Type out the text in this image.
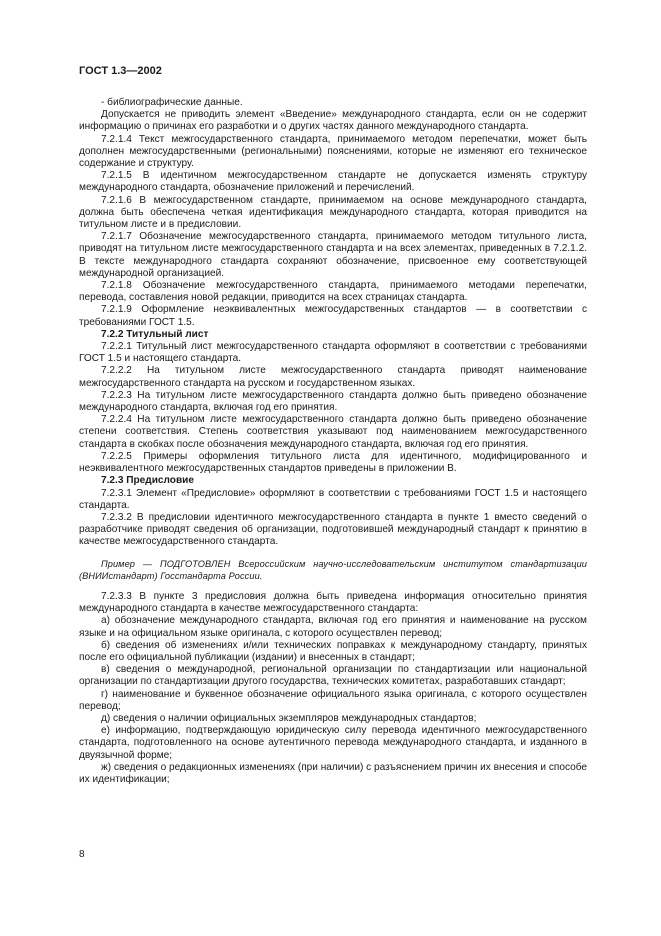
ГОСТ 1.3—2002

- библиографические данные.

Допускается не приводить элемент «Введение» международного стандарта, если он не содержит информацию о причинах его разработки и о других частях данного международного стандарта.

7.2.1.4 Текст межгосударственного стандарта, принимаемого методом перепечатки, может быть дополнен межгосударственными (региональными) пояснениями, которые не изменяют его техническое содержание и структуру.

7.2.1.5 В идентичном межгосударственном стандарте не допускается изменять структуру международного стандарта, обозначение приложений и перечислений.

7.2.1.6 В межгосударственном стандарте, принимаемом на основе международного стандарта, должна быть обеспечена четкая идентификация международного стандарта, которая приводится на титульном листе и в предисловии.

7.2.1.7 Обозначение межгосударственного стандарта, принимаемого методом титульного листа, приводят на титульном листе межгосударственного стандарта и на всех элементах, приведенных в 7.2.1.2. В тексте международного стандарта сохраняют обозначение, присвоенное ему соответствующей международной организацией.

7.2.1.8 Обозначение межгосударственного стандарта, принимаемого методами перепечатки, перевода, составления новой редакции, приводится на всех страницах стандарта.

7.2.1.9 Оформление неэквивалентных межгосударственных стандартов — в соответствии с требованиями ГОСТ 1.5.

7.2.2 Титульный лист

7.2.2.1 Титульный лист межгосударственного стандарта оформляют в соответствии с требованиями ГОСТ 1.5 и настоящего стандарта.

7.2.2.2 На титульном листе межгосударственного стандарта приводят наименование межгосударственного стандарта на русском и государственном языках.

7.2.2.3 На титульном листе межгосударственного стандарта должно быть приведено обозначение международного стандарта, включая год его принятия.

7.2.2.4 На титульном листе межгосударственного стандарта должно быть приведено обозначение степени соответствия. Степень соответствия указывают под наименованием межгосударственного стандарта в скобках после обозначения международного стандарта, включая год его принятия.

7.2.2.5 Примеры оформления титульного листа для идентичного, модифицированного и неэквивалентного межгосударственных стандартов приведены в приложении В.

7.2.3 Предисловие

7.2.3.1 Элемент «Предисловие» оформляют в соответствии с требованиями ГОСТ 1.5 и настоящего стандарта.

7.2.3.2 В предисловии идентичного межгосударственного стандарта в пункте 1 вместо сведений о разработчике приводят сведения об организации, подготовившей международный стандарт к принятию в качестве межгосударственного стандарта.

Пример — ПОДГОТОВЛЕН Всероссийским научно-исследовательским институтом стандартизации (ВНИИстандарт) Госстандарта России.

7.2.3.3 В пункте 3 предисловия должна быть приведена информация относительно принятия международного стандарта в качестве межгосударственного стандарта:

а) обозначение международного стандарта, включая год его принятия и наименование на русском языке и на официальном языке оригинала, с которого осуществлен перевод;

б) сведения об изменениях и/или технических поправках к международному стандарту, принятых после его официальной публикации (издании) и внесенных в стандарт;

в) сведения о международной, региональной организации по стандартизации или национальной организации по стандартизации другого государства, технических комитетах, разработавших стандарт;

г) наименование и буквенное обозначение официального языка оригинала, с которого осуществлен перевод;

д) сведения о наличии официальных экземпляров международных стандартов;

е) информацию, подтверждающую юридическую силу перевода идентичного межгосударственного стандарта, подготовленного на основе аутентичного перевода международного стандарта, и изданного в двуязычной форме;

ж) сведения о редакционных изменениях (при наличии) с разъяснением причин их внесения и способе их идентификации;

8
